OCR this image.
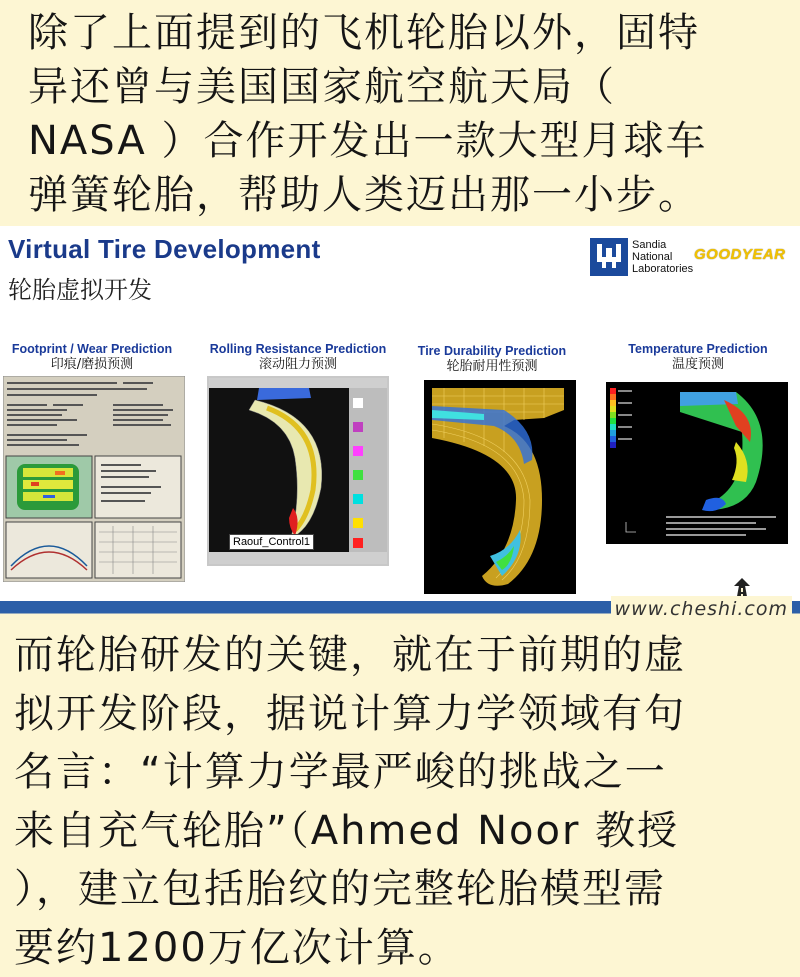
除了上面提到的飞机轮胎以外，固特

异还曾与美国国家航空航天局（

NASA ）合作开发出一款大型月球车

弹簧轮胎，帮助人类迈出那一小步。

Virtual Tire Development
轮胎虚拟开发
Sandia
National
Laboratories
GOODYEAR
Footprint / Wear Prediction
印痕/磨损预测
Rolling Resistance Prediction
滚动阻力预测
Raouf_Control1
Tire Durability Prediction
轮胎耐用性预测
Temperature Prediction
温度预测
www.cheshi.com

而轮胎研发的关键，就在于前期的虚

拟开发阶段，据说计算力学领域有句

名言：“计算力学最严峻的挑战之一

来自充气轮胎”（Ahmed Noor 教授

），建立包括胎纹的完整轮胎模型需

要约1200万亿次计算。
